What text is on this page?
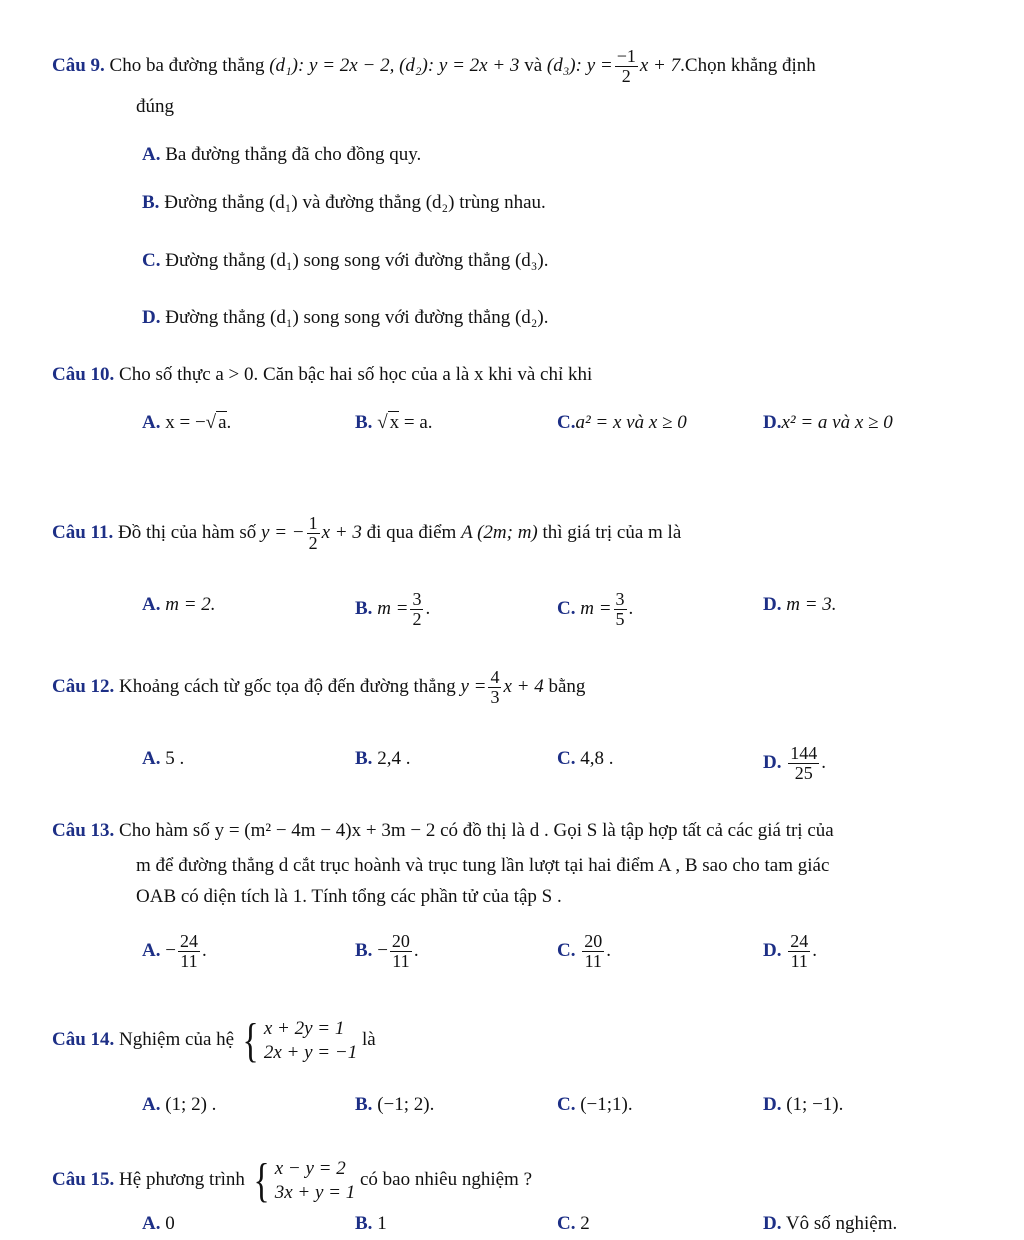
Câu 9. Cho ba đường thẳng (d₁): y = 2x − 2, (d₂): y = 2x + 3 và (d₃): $y = \frac{-1}{2}$ x + 7.Chọn khẳng định
đúng
A. Ba đường thẳng đã cho đồng quy.
B. Đường thẳng (d₁) và đường thẳng (d₂) trùng nhau.
C. Đường thẳng (d₁) song song với đường thẳng (d₃).
D. Đường thẳng (d₁) song song với đường thẳng (d₂).
Câu 10. Cho số thực a > 0. Căn bậc hai số học của a là x khi và chỉ khi
A. x = −√ a.	B. √ x = a.	C.a² = x và x ≥ 0	D.x² = a và x ≥ 0
Câu 11. Đồ thị của hàm số y = − $\frac{1}{2}$ x + 3 đi qua điểm A (2m; m) thì giá trị của m là
A. m = 2.	B. $m = \frac{3}{2}$ .	C. $m = \frac{3}{5}$ .	D. m = 3.
Câu 12. Khoảng cách từ gốc tọa độ đến đường thẳng $y = \frac{4}{3}$ x + 4 bằng
A. 5 .	B. 2,4 .	C. 4,8 .	D. $\frac{144}{25}$ .
Câu 13. Cho hàm số y = (m² − 4m − 4)x + 3m − 2 có đồ thị là d . Gọi S là tập hợp tất cả các giá trị của
m để đường thẳng d cắt trục hoành và trục tung lần lượt tại hai điểm A , B sao cho tam giác
OAB có diện tích là 1. Tính tổng các phần tử của tập S .
A. − $\frac{24}{11}$ .	B. − $\frac{20}{11}$ .	C. $\frac{20}{11}$ .	D. $\frac{24}{11}$ .
Câu 14. Nghiệm của hệ { x + 2y = 1
2x + y = −1
là
A. (1; 2) .	B. (−1; 2).	C. (−1;1).	D. (1; −1).
Câu 15. Hệ phương trình { x − y = 2
3x + y = 1
có bao nhiêu nghiệm ?
A. 0	B. 1	C. 2	D. Vô số nghiệm.
